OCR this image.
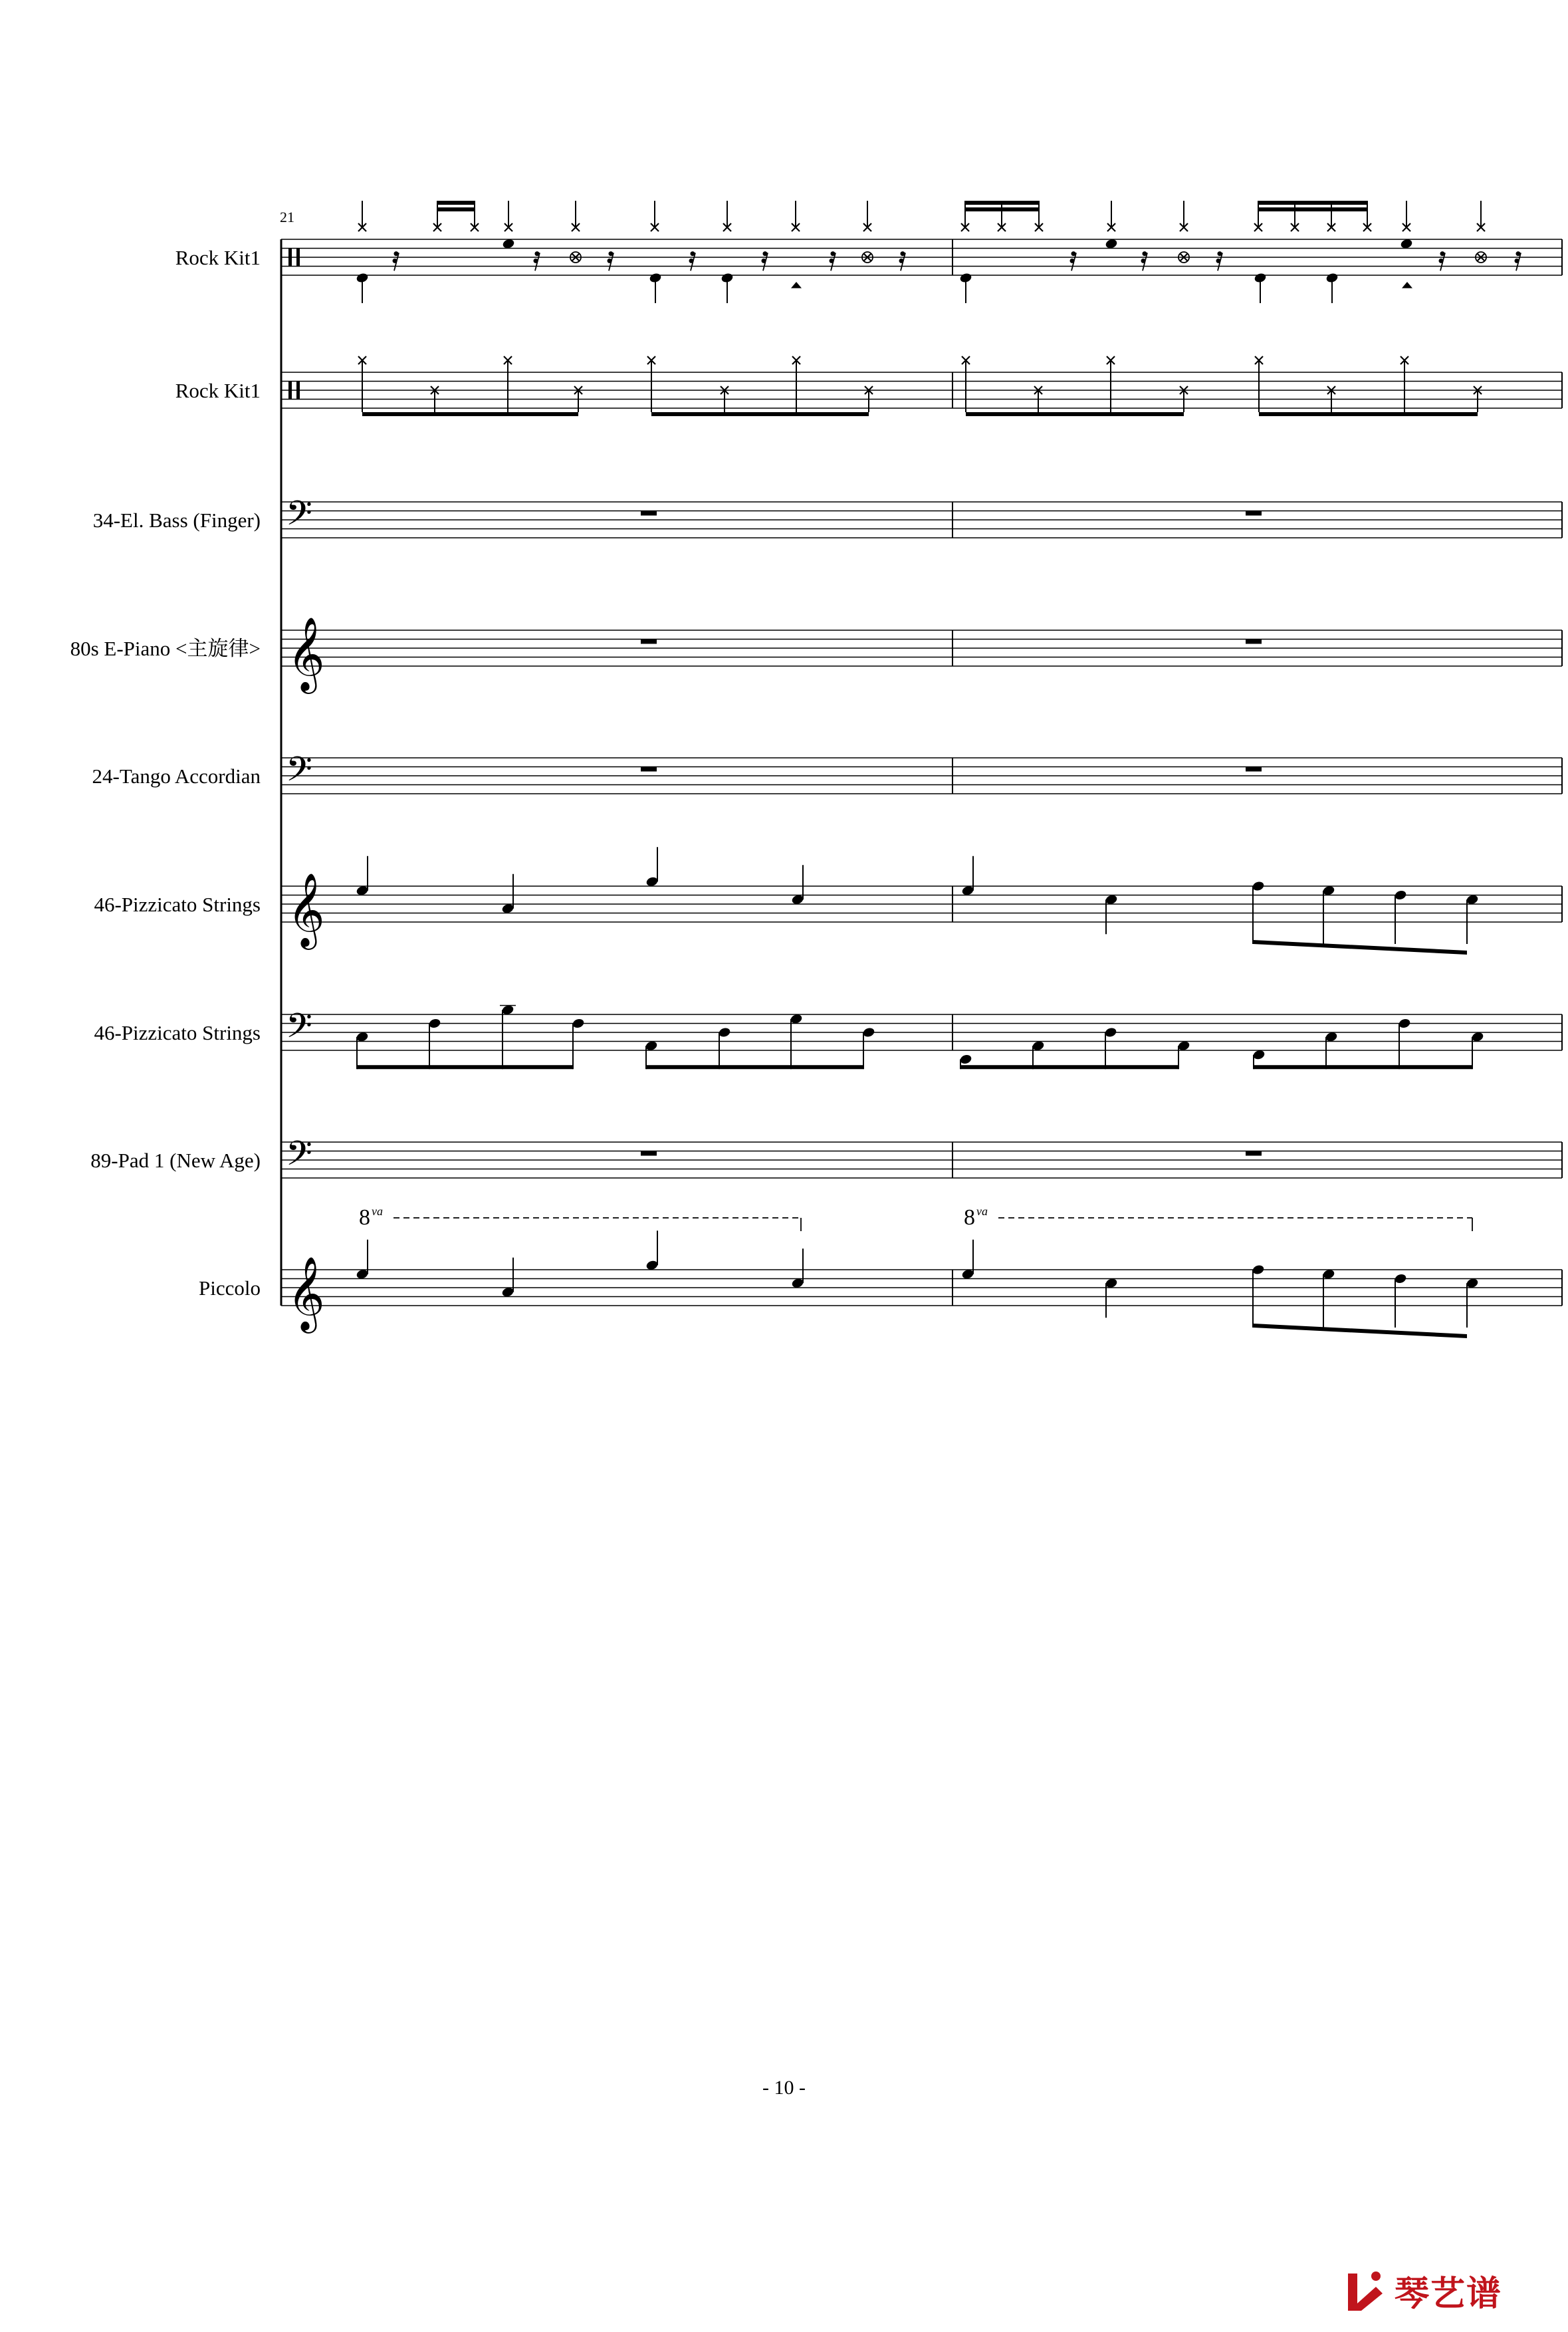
21
Rock Kit1
Rock Kit1
34-El. Bass (Finger)
80s E-Piano <主旋律>
24-Tango Accordian
46-Pizzicato Strings
46-Pizzicato Strings
89-Pad 1 (New Age)
Piccolo
𝄢
𝄞
𝄢
𝄞
𝄢
𝄢
𝄞
8 va	8 va
- 10 -
琴艺谱
